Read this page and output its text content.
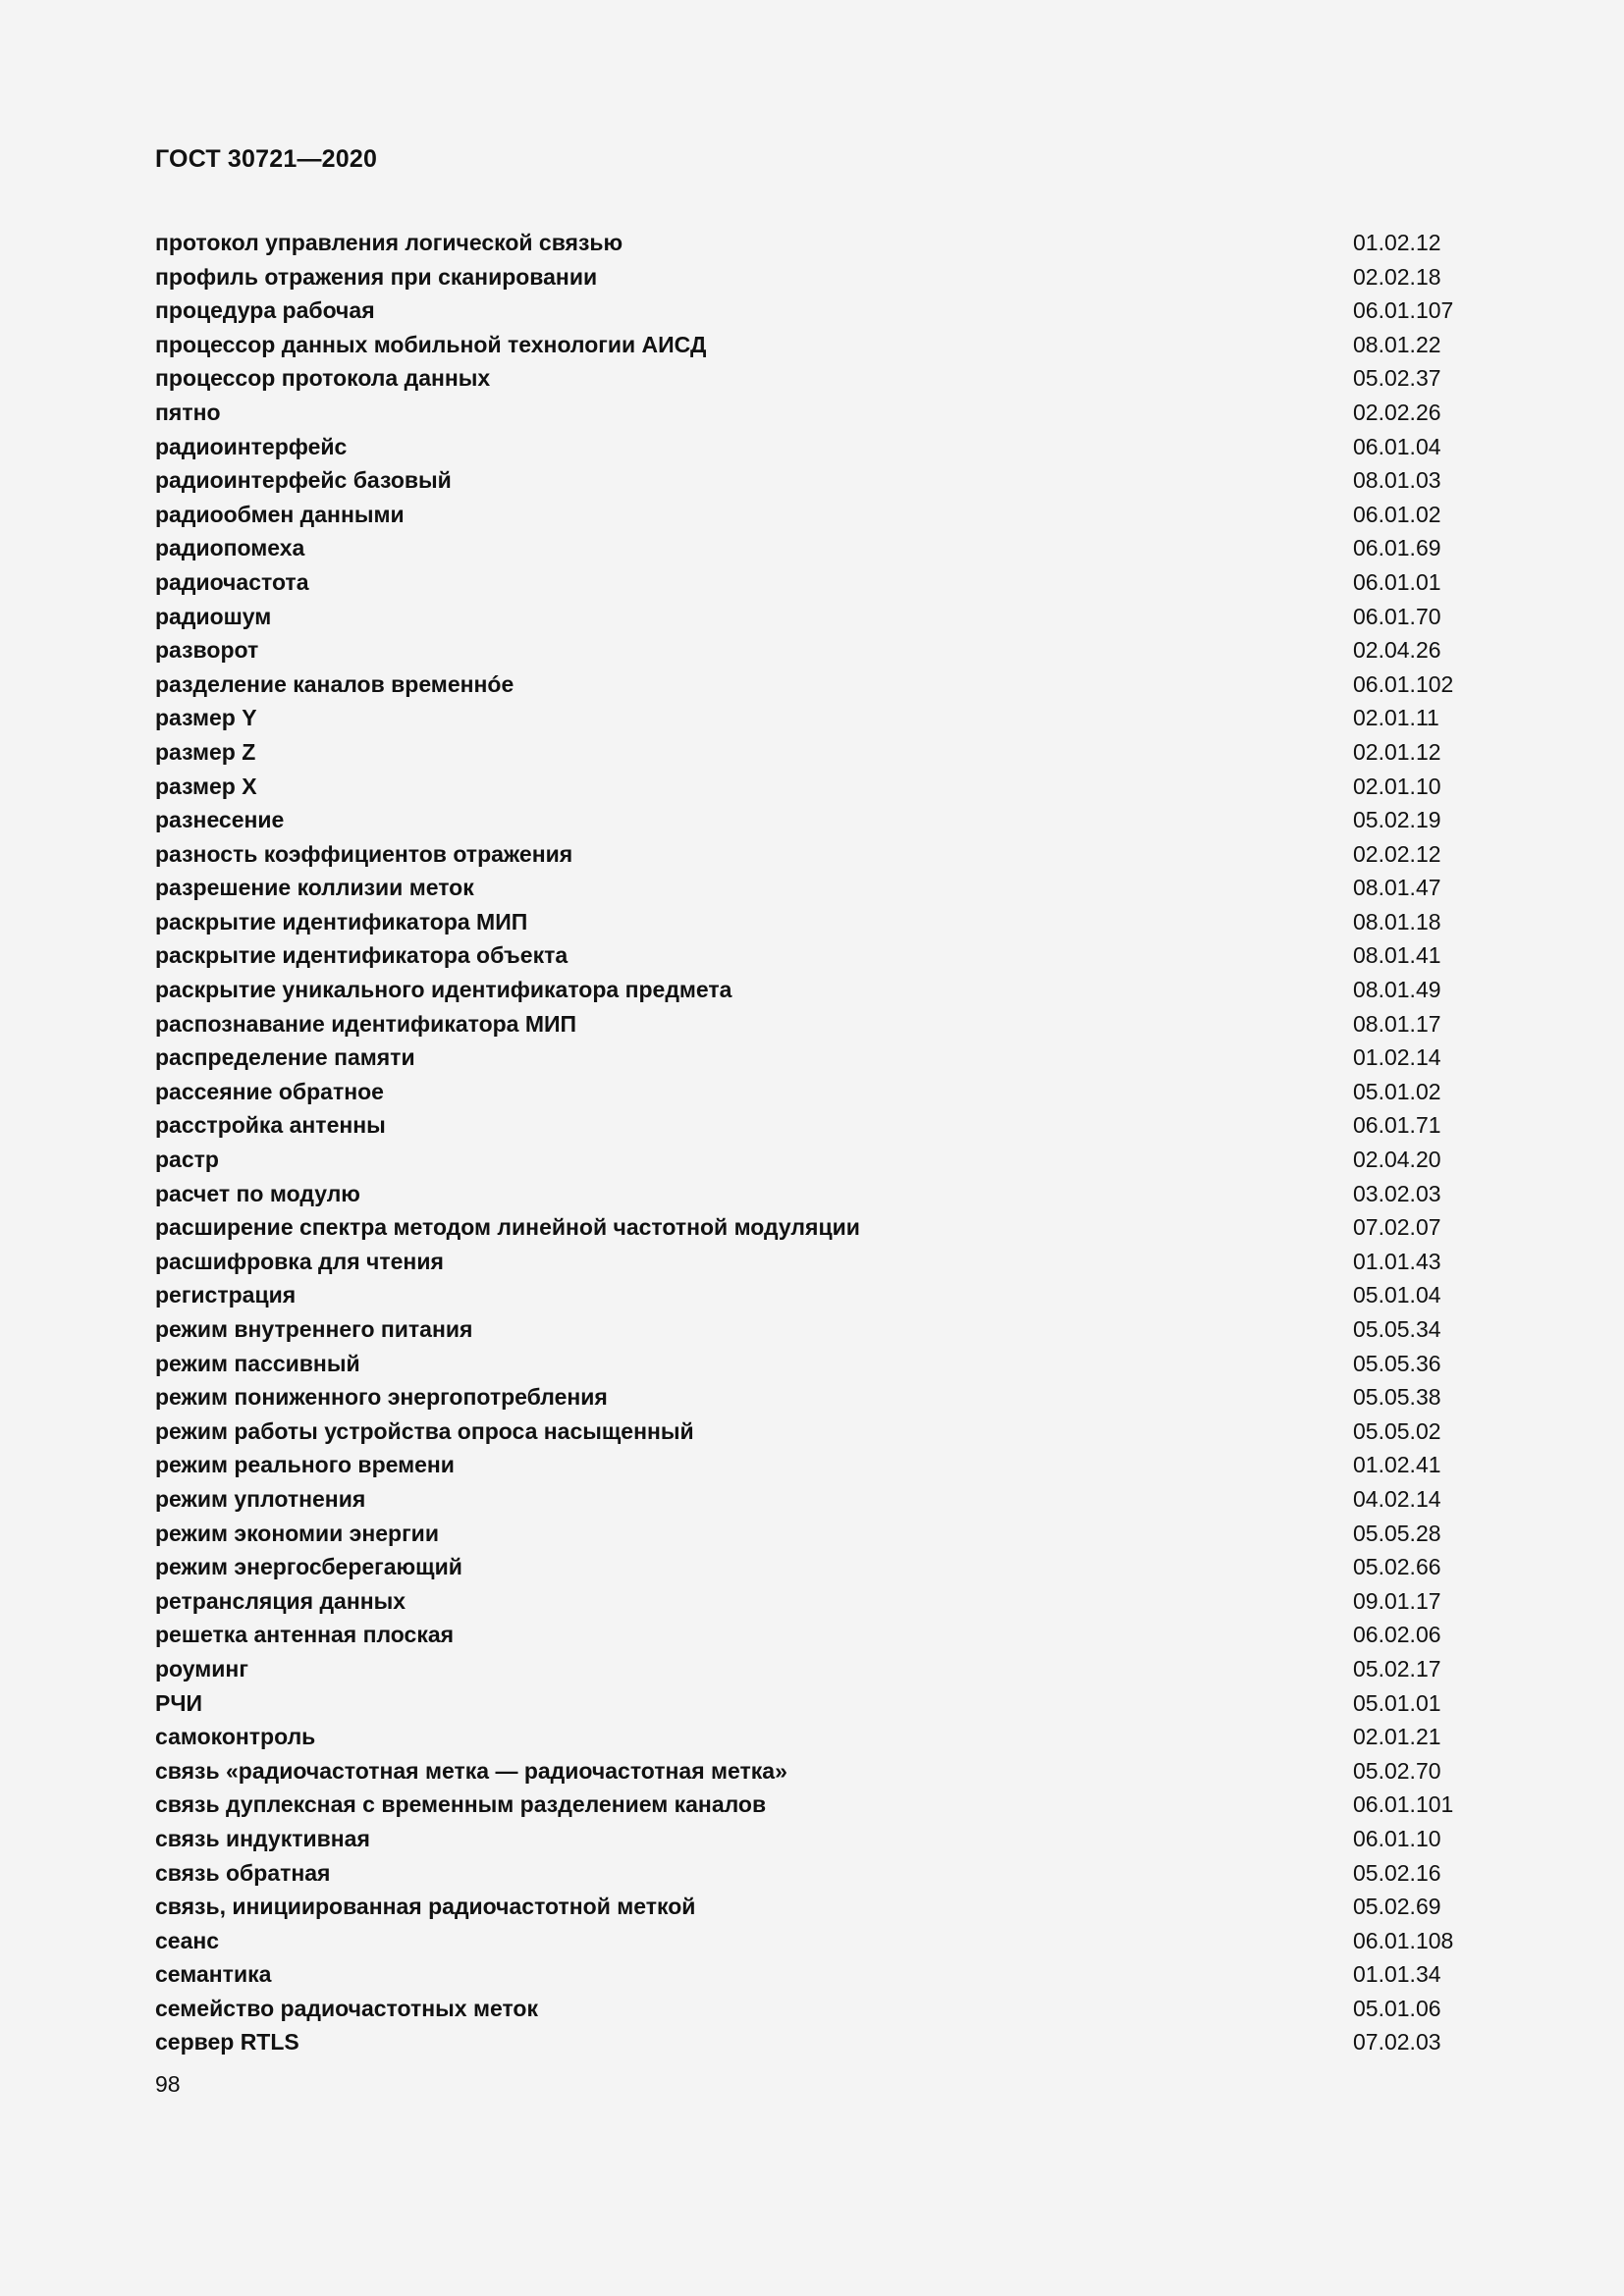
ГОСТ 30721—2020
протокол управления логической связью	01.02.12
профиль отражения при сканировании	02.02.18
процедура рабочая	06.01.107
процессор данных мобильной технологии АИСД	08.01.22
процессор протокола данных	05.02.37
пятно	02.02.26
радиоинтерфейс	06.01.04
радиоинтерфейс базовый	08.01.03
радиообмен данными	06.01.02
радиопомеха	06.01.69
радиочастота	06.01.01
радиошум	06.01.70
разворот	02.04.26
разделение каналов временнóе	06.01.102
размер Y	02.01.11
размер Z	02.01.12
размер X	02.01.10
разнесение	05.02.19
разность коэффициентов отражения	02.02.12
разрешение коллизии меток	08.01.47
раскрытие идентификатора МИП	08.01.18
раскрытие идентификатора объекта	08.01.41
раскрытие уникального идентификатора предмета	08.01.49
распознавание идентификатора МИП	08.01.17
распределение памяти	01.02.14
рассеяние обратное	05.01.02
расстройка антенны	06.01.71
растр	02.04.20
расчет по модулю	03.02.03
расширение спектра методом линейной частотной модуляции	07.02.07
расшифровка для чтения	01.01.43
регистрация	05.01.04
режим внутреннего питания	05.05.34
режим пассивный	05.05.36
режим пониженного энергопотребления	05.05.38
режим работы устройства опроса насыщенный	05.05.02
режим реального времени	01.02.41
режим уплотнения	04.02.14
режим экономии энергии	05.05.28
режим энергосберегающий	05.02.66
ретрансляция данных	09.01.17
решетка антенная плоская	06.02.06
роуминг	05.02.17
РЧИ	05.01.01
самоконтроль	02.01.21
связь «радиочастотная метка — радиочастотная метка»	05.02.70
связь дуплексная с временным разделением каналов	06.01.101
связь индуктивная	06.01.10
связь обратная	05.02.16
связь, инициированная радиочастотной меткой	05.02.69
сеанс	06.01.108
семантика	01.01.34
семейство радиочастотных меток	05.01.06
сервер RTLS	07.02.03
98
